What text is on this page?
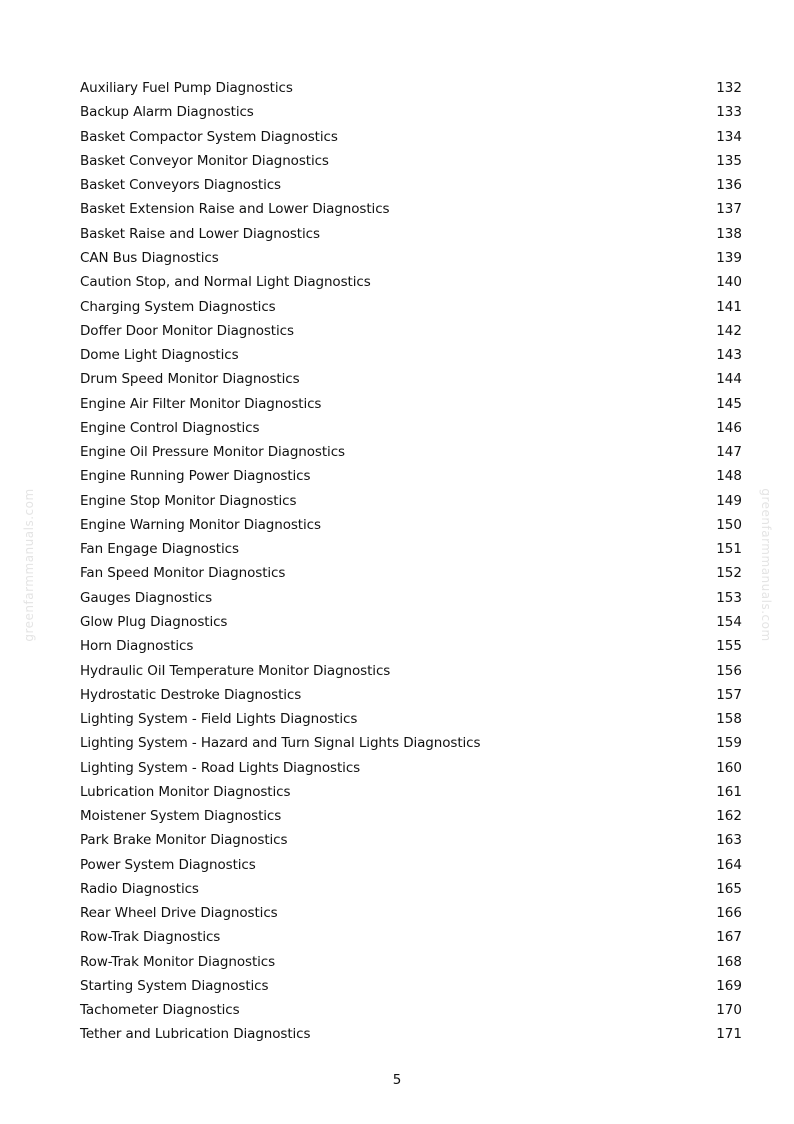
Auxiliary Fuel Pump Diagnostics	132
Backup Alarm Diagnostics	133
Basket Compactor System Diagnostics	134
Basket Conveyor Monitor Diagnostics	135
Basket Conveyors Diagnostics	136
Basket Extension Raise and Lower Diagnostics	137
Basket Raise and Lower Diagnostics	138
CAN Bus Diagnostics	139
Caution Stop, and Normal Light Diagnostics	140
Charging System Diagnostics	141
Doffer Door Monitor Diagnostics	142
Dome Light Diagnostics	143
Drum Speed Monitor Diagnostics	144
Engine Air Filter Monitor Diagnostics	145
Engine Control Diagnostics	146
Engine Oil Pressure Monitor Diagnostics	147
Engine Running Power Diagnostics	148
Engine Stop Monitor Diagnostics	149
Engine Warning Monitor Diagnostics	150
Fan Engage Diagnostics	151
Fan Speed Monitor Diagnostics	152
Gauges Diagnostics	153
Glow Plug Diagnostics	154
Horn Diagnostics	155
Hydraulic OiI Temperature Monitor Diagnostics	156
Hydrostatic Destroke Diagnostics	157
Lighting System - Field Lights Diagnostics	158
Lighting System - Hazard and Turn Signal Lights Diagnostics	159
Lighting System - Road Lights Diagnostics	160
Lubrication Monitor Diagnostics	161
Moistener System Diagnostics	162
Park Brake Monitor Diagnostics	163
Power System Diagnostics	164
Radio Diagnostics	165
Rear Wheel Drive Diagnostics	166
Row-Trak Diagnostics	167
Row-Trak Monitor Diagnostics	168
Starting System Diagnostics	169
Tachometer Diagnostics	170
Tether and Lubrication Diagnostics	171
5
greenfarmmanuals.com	greenfarmmanuals.com
